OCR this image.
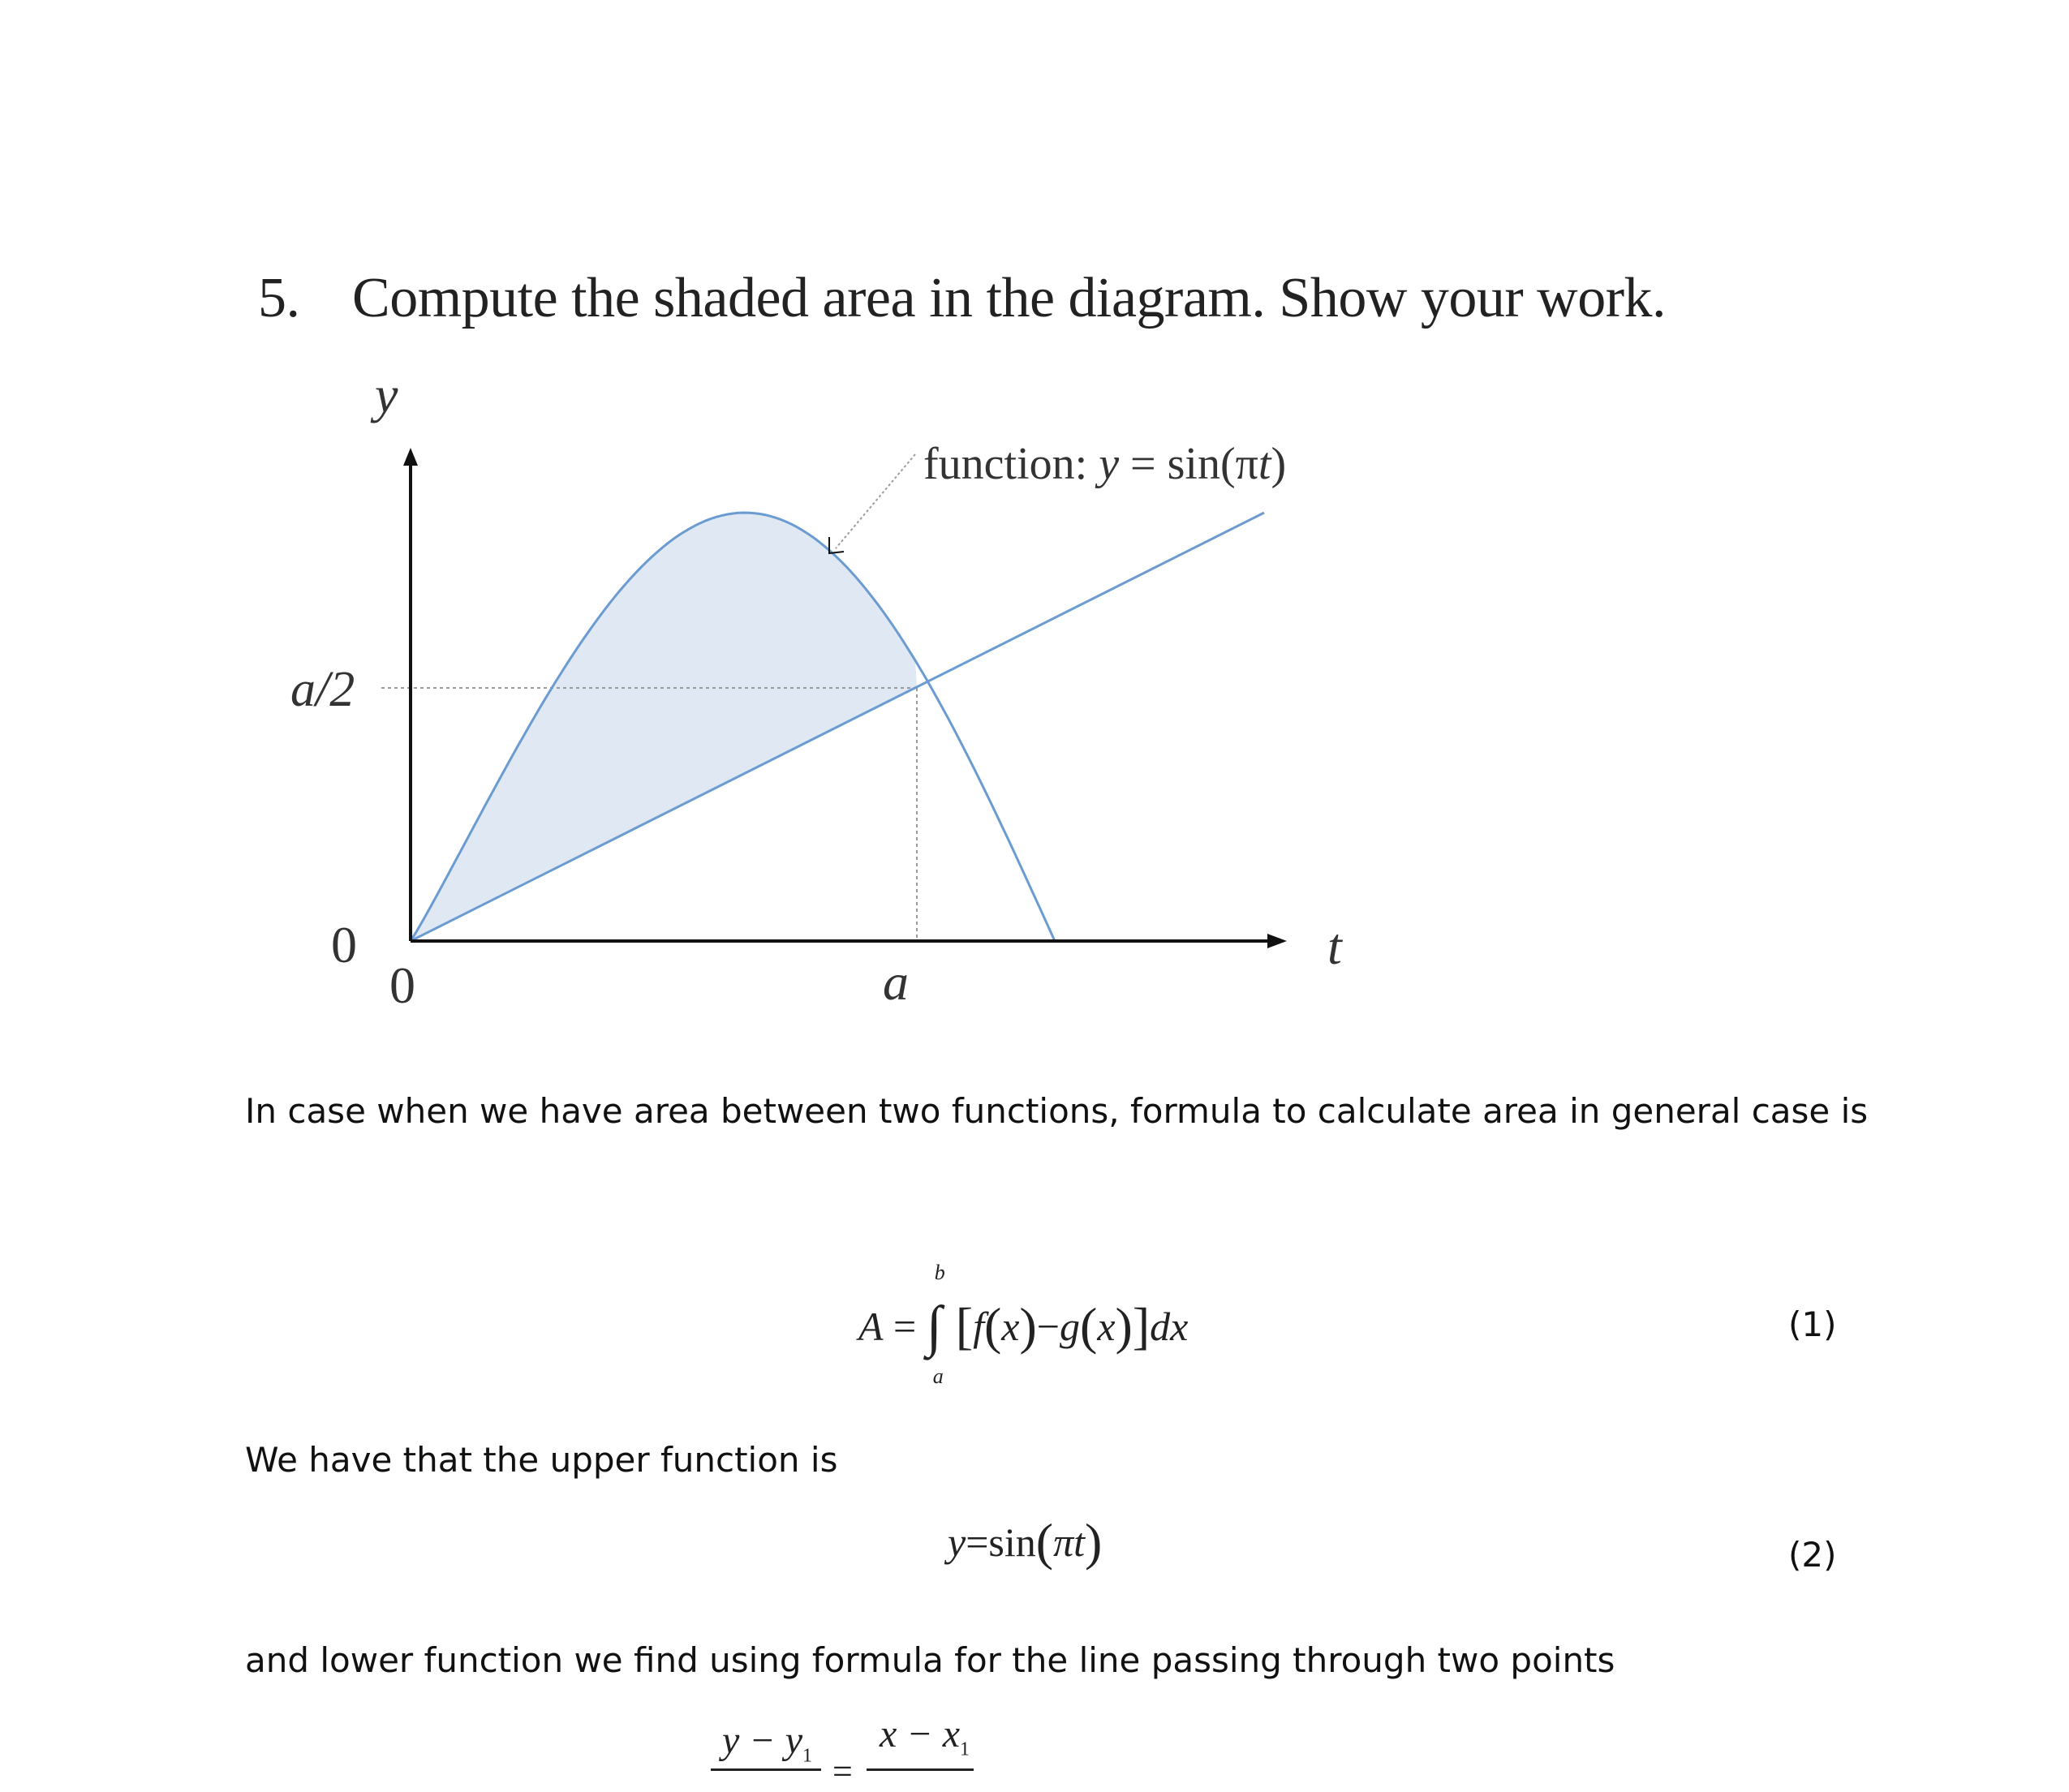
5. Compute the shaded area in the diagram. Show your work.
y
t
0
a/2
0	a
function: y = sin(πt)
In case when we have area between two functions, formula to calculate area in general case is
A =
b
∫
a
[f(x)−g(x)]dx	(1)
We have that the upper function is
y=sin(πt)	(2)
and lower function we find using formula for the line passing through two points
$y - y_1$ =
$x - x_1$
